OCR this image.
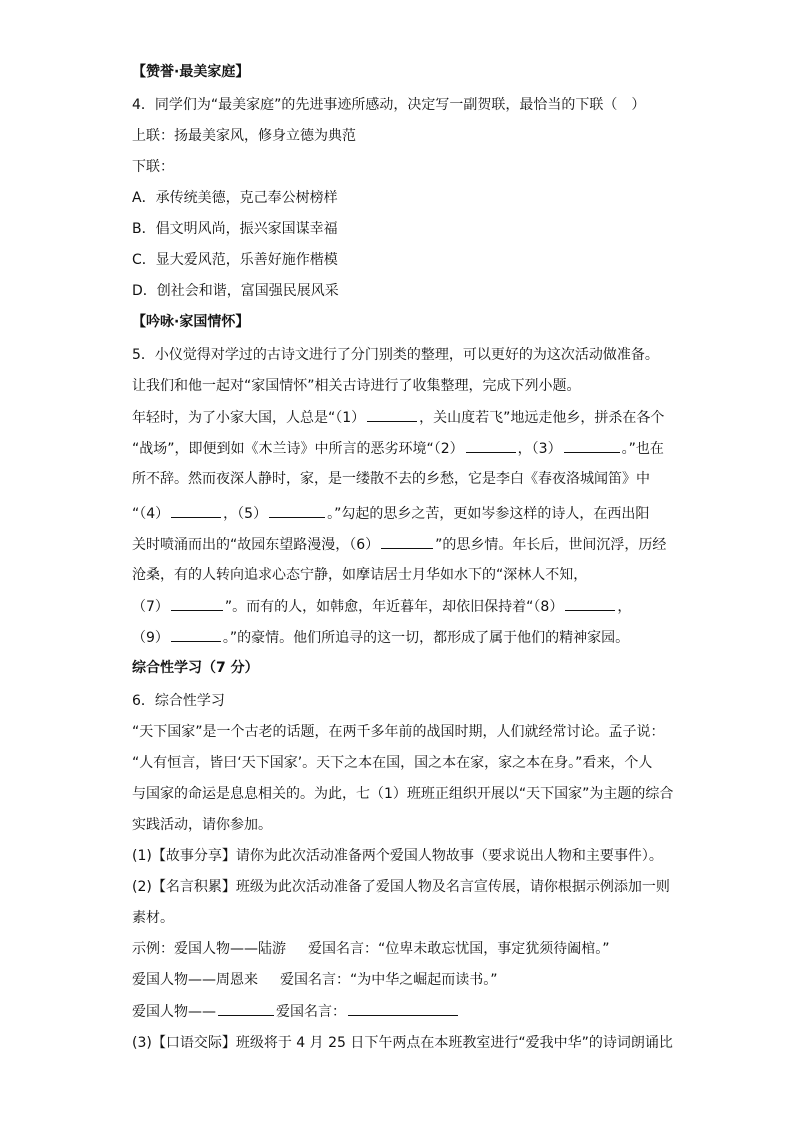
【赞誉·最美家庭】
4．同学们为“最美家庭”的先进事迹所感动，决定写一副贺联，最恰当的下联（　）
上联：扬最美家风，修身立德为典范
下联：
A．承传统美德，克己奉公树榜样
B．倡文明风尚，振兴家国谋幸福
C．显大爱风范，乐善好施作楷模
D．创社会和谐，富国强民展风采
【吟咏·家国情怀】
5．小仪觉得对学过的古诗文进行了分门别类的整理，可以更好的为这次活动做准备。
让我们和他一起对“家国情怀”相关古诗进行了收集整理，完成下列小题。
年轻时，为了小家大国，人总是“（1）	，关山度若飞”地远走他乡，拼杀在各个
“战场”，即便到如《木兰诗》中所言的恶劣环境“（2）	，（3）	。”也在
所不辞。然而夜深人静时，家，是一缕散不去的乡愁，它是李白《春夜洛城闻笛》中
“（4）	，（5）	。”勾起的思乡之苦，更如岑参这样的诗人，在西出阳
关时喷涌而出的“故园东望路漫漫，（6）	”的思乡情。年长后，世间沉浮，历经
沧桑，有的人转向追求心态宁静，如摩诘居士月华如水下的“深林人不知，
（7）	”。而有的人，如韩愈，年近暮年，却依旧保持着“（8）	，
（9）	。”的豪情。他们所追寻的这一切，都形成了属于他们的精神家园。
综合性学习（7 分）
6．综合性学习
“天下国家”是一个古老的话题，在两千多年前的战国时期，人们就经常讨论。孟子说：
“人有恒言，皆曰‘天下国家’。天下之本在国，国之本在家，家之本在身。”看来，个人
与国家的命运是息息相关的。为此，七（1）班班正组织开展以“天下国家”为主题的综合
实践活动，请你参加。
(1)【故事分享】请你为此次活动准备两个爱国人物故事（要求说出人物和主要事件）。
(2)【名言积累】班级为此次活动准备了爱国人物及名言宣传展，请你根据示例添加一则
素材。
示例：爱国人物——陆游 爱国名言：“位卑未敢忘忧国，事定犹须待阖棺。”
爱国人物——周恩来 爱国名言：“为中华之崛起而读书。”
爱国人物——	爱国名言：
(3)【口语交际】班级将于 4 月 25 日下午两点在本班教室进行“爱我中华”的诗词朗诵比
